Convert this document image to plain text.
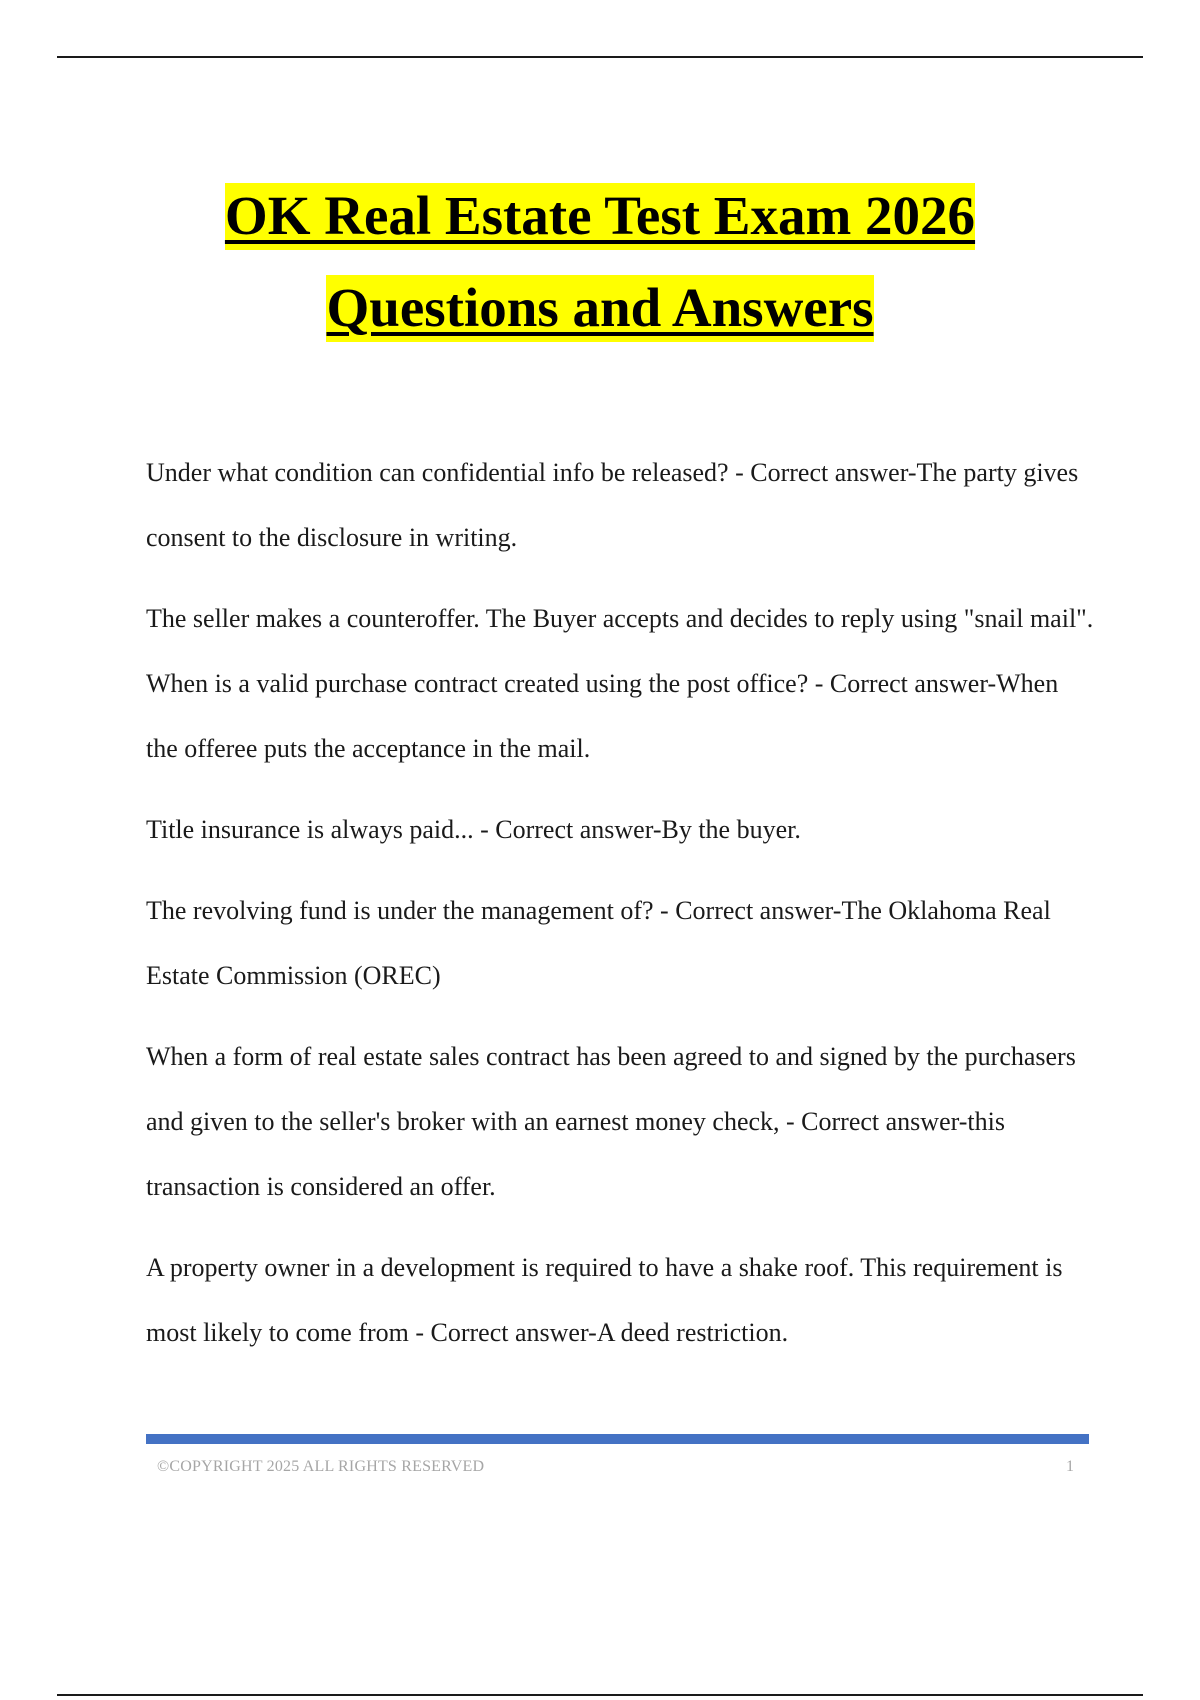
OK Real Estate Test Exam 2026
Questions and Answers

Under what condition can confidential info be released? - Correct answer-The party gives consent to the disclosure in writing.

The seller makes a counteroffer. The Buyer accepts and decides to reply using "snail mail". When is a valid purchase contract created using the post office? - Correct answer-When the offeree puts the acceptance in the mail.

Title insurance is always paid... - Correct answer-By the buyer.

The revolving fund is under the management of? - Correct answer-The Oklahoma Real Estate Commission (OREC)

When a form of real estate sales contract has been agreed to and signed by the purchasers and given to the seller's broker with an earnest money check, - Correct answer-this transaction is considered an offer.

A property owner in a development is required to have a shake roof. This requirement is most likely to come from - Correct answer-A deed restriction.

©COPYRIGHT 2025 ALL RIGHTS RESERVED	1
